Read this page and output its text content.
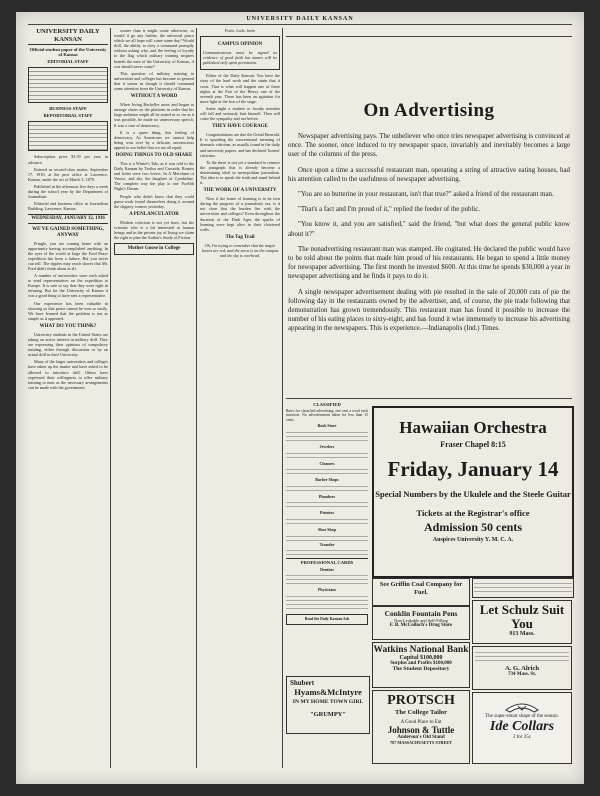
UNIVERSITY DAILY KANSAN
UNIVERSITY DAILY KANSAN
Official student paper of the University of Kansas
EDITORIAL STAFF
BUSINESS STAFF
REPORTORIAL STAFF

Subscription price $1.50 per year in advance.

Entered as second-class matter, September 17, 1910, at the post office at Lawrence, Kansas, under the act of March 3, 1879.

Published in the afternoon five days a week during the school year by the Department of Journalism.

Editorial and business office in Journalism Building. Lawrence, Kansas.

WEDNESDAY, JANUARY 12, 1916
WE'VE GAINED SOMETHING, ANYWAY

Pringle, you are coming home with an opportunity having accomplished anything. In the eyes of the world at large the Ford Peace expedition has been a failure. But you never can tell. The ripples may reach shores that Mr. Ford didn't think about at all.

A number of universities were each asked to send representatives on the expedition to Europe. It is safe to say that they were right in refusing. But for the University of Kansas it was a good thing to have sent a representative.

Our experience has been valuable in showing us that peace cannot be won so easily. We have learned that the problem is not as simple as it appeared.

WHAT DO YOU THINK?

University students in the United States are taking an active interest in military drill. They are expressing their opinions of compulsory training, either through discussion or by an actual drill in their University.

Many of the larger universities and colleges have taken up the matter and have asked to be allowed to introduce drill. Others have expressed their willingness to offer military training to men as the necessary arrangements can be made with the government.

sooner than it might come otherwise, or would it go any further, the universal peace which we all hope will come some day? Would drill, the ability to obey a command promptly without asking why, and the feeling of loyalty to the flag which military training inspires benefit the men of the University of Kansas, if war should never come?

This question of military training in universities and colleges has become so general that it seems as though it should command some attention from the University of Kansas.

WITHOUT A WORD

When Irving Bacheller arose and began to arrange chairs on the platform in order that his large audience might all be seated in so far as it was possible, he made no unnecessary speech. It was a case of democracy.

It is a queer thing, this feeling of democracy. As Americans we cannot help being won over by a delicate, unconscious appeal to our belief that we are all equal.

DOING THINGS TO OLD SHAKE

This is a Winter's Tale, as it was told to the Daily Kansan by Troilus and Cressida. Romeo and Juliet were two lovers. In A Merchant of Venice, and she, the daughter of Cymbeline. The complete way the play is one Twelfth Night's Dream.

People who didn't know that they could guess-work found themselves doing it around the slippery corners yesterday.

A PENLANCULATOR

Modern criticism is not yet born, but the scientist who is a bit interested in human beings and in the private joy of living we claim the right to plan the Author's Study of Fiction.

Mother Goose in College

Fools, fools, fools

CAMPUS OPINION

Communications must be signed as evidence of good faith but names will be published only upon permission.

Editor of the Daily Kansan: You have the story of the hard work and the strain that it costs. That is what will happen one of these nights at the Fair of the Heavy one of the seventh year. There has been an agitation for more light at the foot of the stage.

Some night a student or faculty member will fall and seriously hurt himself. Then will come the sympathy and not before.

THEY HAVE COURAGE

Congratulations are due the Oread Emerald. It is upsetting the conventional meaning of dramatic criticism, as usually found in the daily and university papers, and has declared 'honest' criticism.

To the three is not yet a standard to remove the paragraph that is already become a determining ideal in metropolitan journalism. The idea is to speak the truth and stand behind it.

THE WORK OF A UNIVERSITY

Now if the home of learning is to be torn during the progress of a journalistic era, is it not clear that the burden lies with the universities and colleges? Even throughout the duration of the Dark Ages the sparks of learning were kept alive in their cloistered walls.

The Tag Trail

Oh, I'm trying to remember that the maple leaves are red, and the snow is on the campus and the sky is overhead.

On Advertising

Newspaper advertising pays. The unbeliever who once tries newspaper advertising is convinced at once. The sooner, once induced to try newspaper space, invariably and inevitably becomes a large user of the columns of the press.

Once upon a time a successful restaurant man, operating a string of attractive eating houses, had his attention called to the usefulness of newspaper advertising.

"You are so butterine in your restaurant, isn't that true?" asked a friend of the restaurant man.

"That's a fact and I'm proud of it," replied the feeder of the public.

"You know it, and you are satisfied," said the friend, "but what does the general public know about it?"

The nonadvertising restaurant man was stamped. He cogitated. He declared the public would have to be told about the points that made him proud of his restaurants. He began to spend a little money for newspaper advertising. The first month he invested $600. At this time he spends $30,000 a year in newspaper advertising and he finds it pays to do it.

A single newspaper advertisement dealing with pie resulted in the sale of 20,000 cuts of pie the following day in the restaurants owned by the advertiser, and, of course, the pie trade following that demonstration has grown tremendously. This restaurant man has found it possible to increase the number of his eating places to sixty-eight, and has found it wise immensely to increase his advertising appearing in the newspapers. This is experience.—Indianapolis (Ind.) Times.

CLASSIFIED
Rates for classified advertising: one cent a word each insertion. No advertisement taken for less than 15 cents.
Book Store
Jewelers
Cleaners
Barber Shops
Plumbers
Printers
Shoe Shop
Transfer
PROFESSIONAL CARDS
Dentists
Physicians
Read the Daily Kansan Ads
Hawaiian Orchestra
Fraser Chapel 8:15
Friday, January 14
Special Numbers by the Ukulele and the Steele Guitar
Tickets at the Registrar's office
Admission 50 cents
Auspices University Y. M. C. A.
See Griffin Coal Company for Fuel.
Conklin Fountain Pens
Non-Leakable and Self-Filling
F. B. McColloch's Drug Store
Watkins National Bank
Capital $100,000
Surplus and Profits $100,000
The Student Depository
Shubert
Hyams&McIntyre
IN MY HOME TOWN GIRL
"GRUMPY"
PROTSCH
The College Tailor
A Good Place to Eat
Johnson & Tuttle
Anderson's Old Stand
787 MASSACHUSETTS STREET
Let Schulz Suit You
913 Mass.
A. G. Alrich
734 Mass. St.
The super-smart shape of the season.
Ide Collars
2 for 25c
